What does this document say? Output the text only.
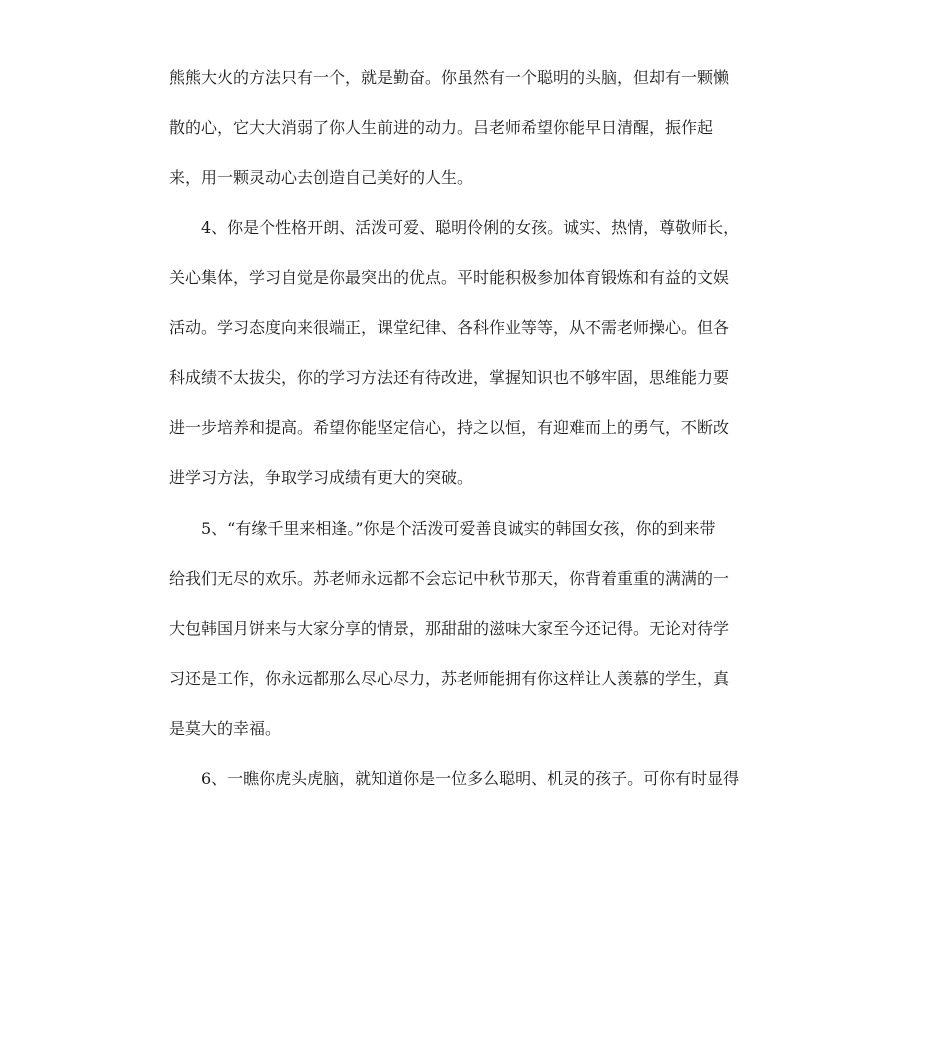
熊熊大火的方法只有一个，就是勤奋。你虽然有一个聪明的头脑，但却有一颗懒
散的心，它大大消弱了你人生前进的动力。吕老师希望你能早日清醒，振作起
来，用一颗灵动心去创造自己美好的人生。
4、你是个性格开朗、活泼可爱、聪明伶俐的女孩。诚实、热情，尊敬师长，
关心集体，学习自觉是你最突出的优点。平时能积极参加体育锻炼和有益的文娱
活动。学习态度向来很端正，课堂纪律、各科作业等等，从不需老师操心。但各
科成绩不太拔尖，你的学习方法还有待改进，掌握知识也不够牢固，思维能力要
进一步培养和提高。希望你能坚定信心，持之以恒，有迎难而上的勇气，不断改
进学习方法，争取学习成绩有更大的突破。
5、“有缘千里来相逢。”你是个活泼可爱善良诚实的韩国女孩，你的到来带
给我们无尽的欢乐。苏老师永远都不会忘记中秋节那天，你背着重重的满满的一
大包韩国月饼来与大家分享的情景，那甜甜的滋味大家至今还记得。无论对待学
习还是工作，你永远都那么尽心尽力，苏老师能拥有你这样让人羡慕的学生，真
是莫大的幸福。
6、一瞧你虎头虎脑，就知道你是一位多么聪明、机灵的孩子。可你有时显得
